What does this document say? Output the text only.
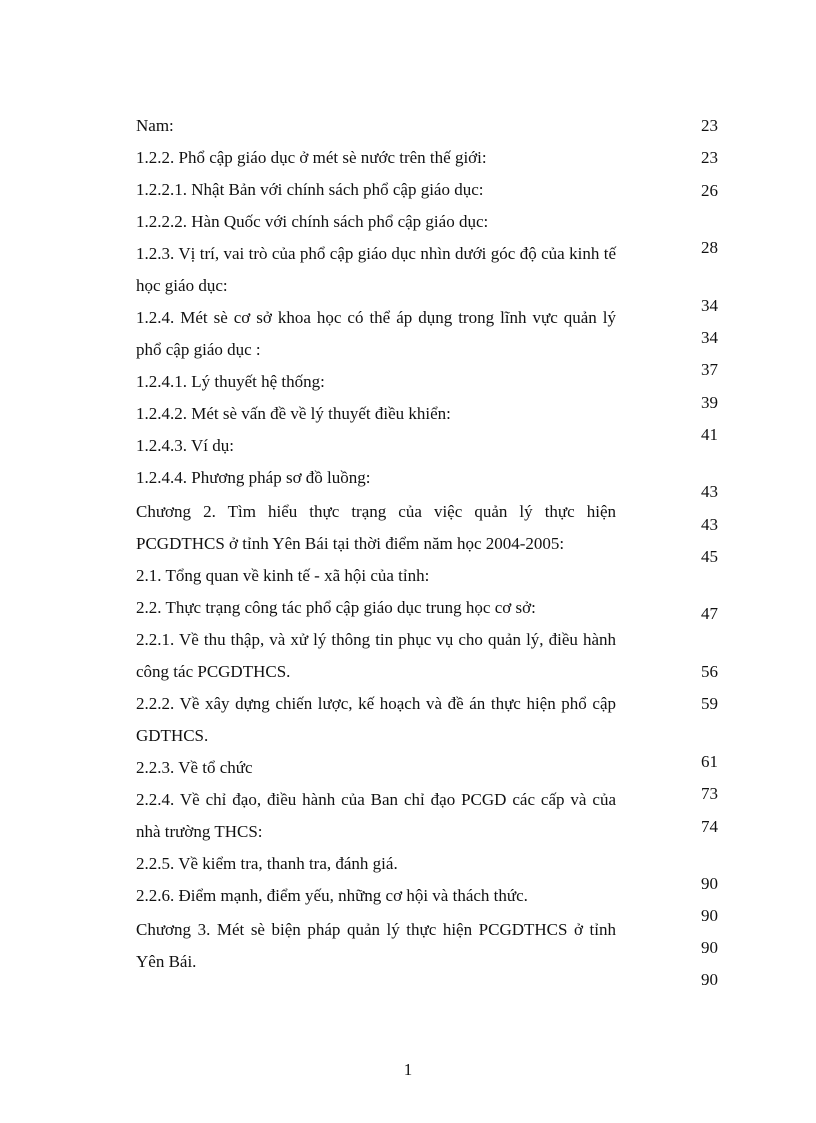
Nam:

1.2.2. Phổ cập giáo dục ở mét sè nước trên thế giới:

1.2.2.1. Nhật Bản với chính sách phổ cập giáo dục:

1.2.2.2. Hàn Quốc với chính sách phổ cập giáo dục:

1.2.3. Vị trí, vai trò của phổ cập giáo dục nhìn dưới góc độ của kinh tế học giáo dục:

1.2.4. Mét sè cơ sở khoa học có thể áp dụng trong lĩnh vực quản lý phổ cập giáo dục :

1.2.4.1. Lý thuyết hệ thống:

1.2.4.2. Mét sè vấn đề về lý thuyết điều khiển:

1.2.4.3. Ví dụ:

1.2.4.4. Phương pháp sơ đồ luồng:

Chương 2. Tìm hiểu thực trạng của việc quản lý thực hiện PCGDTHCS ở tỉnh Yên Bái tại thời điểm năm học 2004-2005:

2.1. Tổng quan về kinh tế - xã hội của tỉnh:

2.2. Thực trạng công tác phổ cập giáo dục trung học cơ sở:

2.2.1. Về thu thập, và xử lý thông tin phục vụ cho quản lý, điều hành công tác PCGDTHCS.

2.2.2. Về xây dựng chiến lược, kế hoạch và đề án thực hiện phổ cập GDTHCS.

2.2.3. Về tổ chức

2.2.4. Về chỉ đạo, điều hành của Ban chỉ đạo PCGD các cấp và của nhà trường THCS:

2.2.5. Về kiểm tra, thanh tra, đánh giá.

2.2.6. Điểm mạnh, điểm yếu, những cơ hội và thách thức.

Chương 3. Mét sè biện pháp quản lý thực hiện PCGDTHCS ở tỉnh Yên Bái.

23
23
26
28
34
34
37
39
41
43
43
45
47
56
59
61
73
74
90
90
90
90
1
